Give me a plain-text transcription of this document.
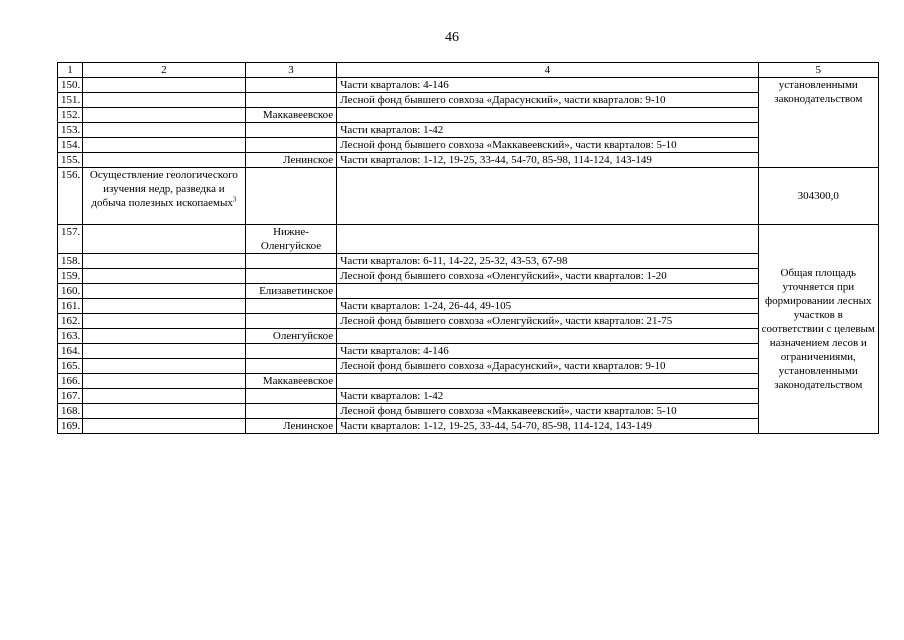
46
1	2	3	4	5
150.			Части кварталов: 4-146	установленными законодательством
151.			Лесной фонд бывшего совхоза «Дарасунский», части кварталов: 9-10	
152.		Маккавеевское		
153.			Части кварталов: 1-42	
154.			Лесной фонд бывшего совхоза «Маккавеевский», части кварталов: 5-10	
155.		Ленинское	Части кварталов: 1-12, 19-25, 33-44, 54-70, 85-98, 114-124, 143-149	
156.	Осуществление геологического изучения недр, разведка и добыча полезных ископаемых$^3$			304300,0
157.		Нижне-Оленгуйское		Общая площадь уточняется при формировании лесных участков в соответствии с целевым назначением лесов и ограничениями, установленными законодательством
158.			Части кварталов: 6-11, 14-22, 25-32, 43-53, 67-98	
159.			Лесной фонд бывшего совхоза «Оленгуйский», части кварталов: 1-20	
160.		Елизаветинское		
161.			Части кварталов: 1-24, 26-44, 49-105	
162.			Лесной фонд бывшего совхоза «Оленгуйский», части кварталов: 21-75	
163.		Оленгуйское		
164.			Части кварталов: 4-146	
165.			Лесной фонд бывшего совхоза «Дарасунский», части кварталов: 9-10	
166.		Маккавеевское		
167.			Части кварталов: 1-42	
168.			Лесной фонд бывшего совхоза «Маккавеевский», части кварталов: 5-10	
169.		Ленинское	Части кварталов: 1-12, 19-25, 33-44, 54-70, 85-98, 114-124, 143-149	
